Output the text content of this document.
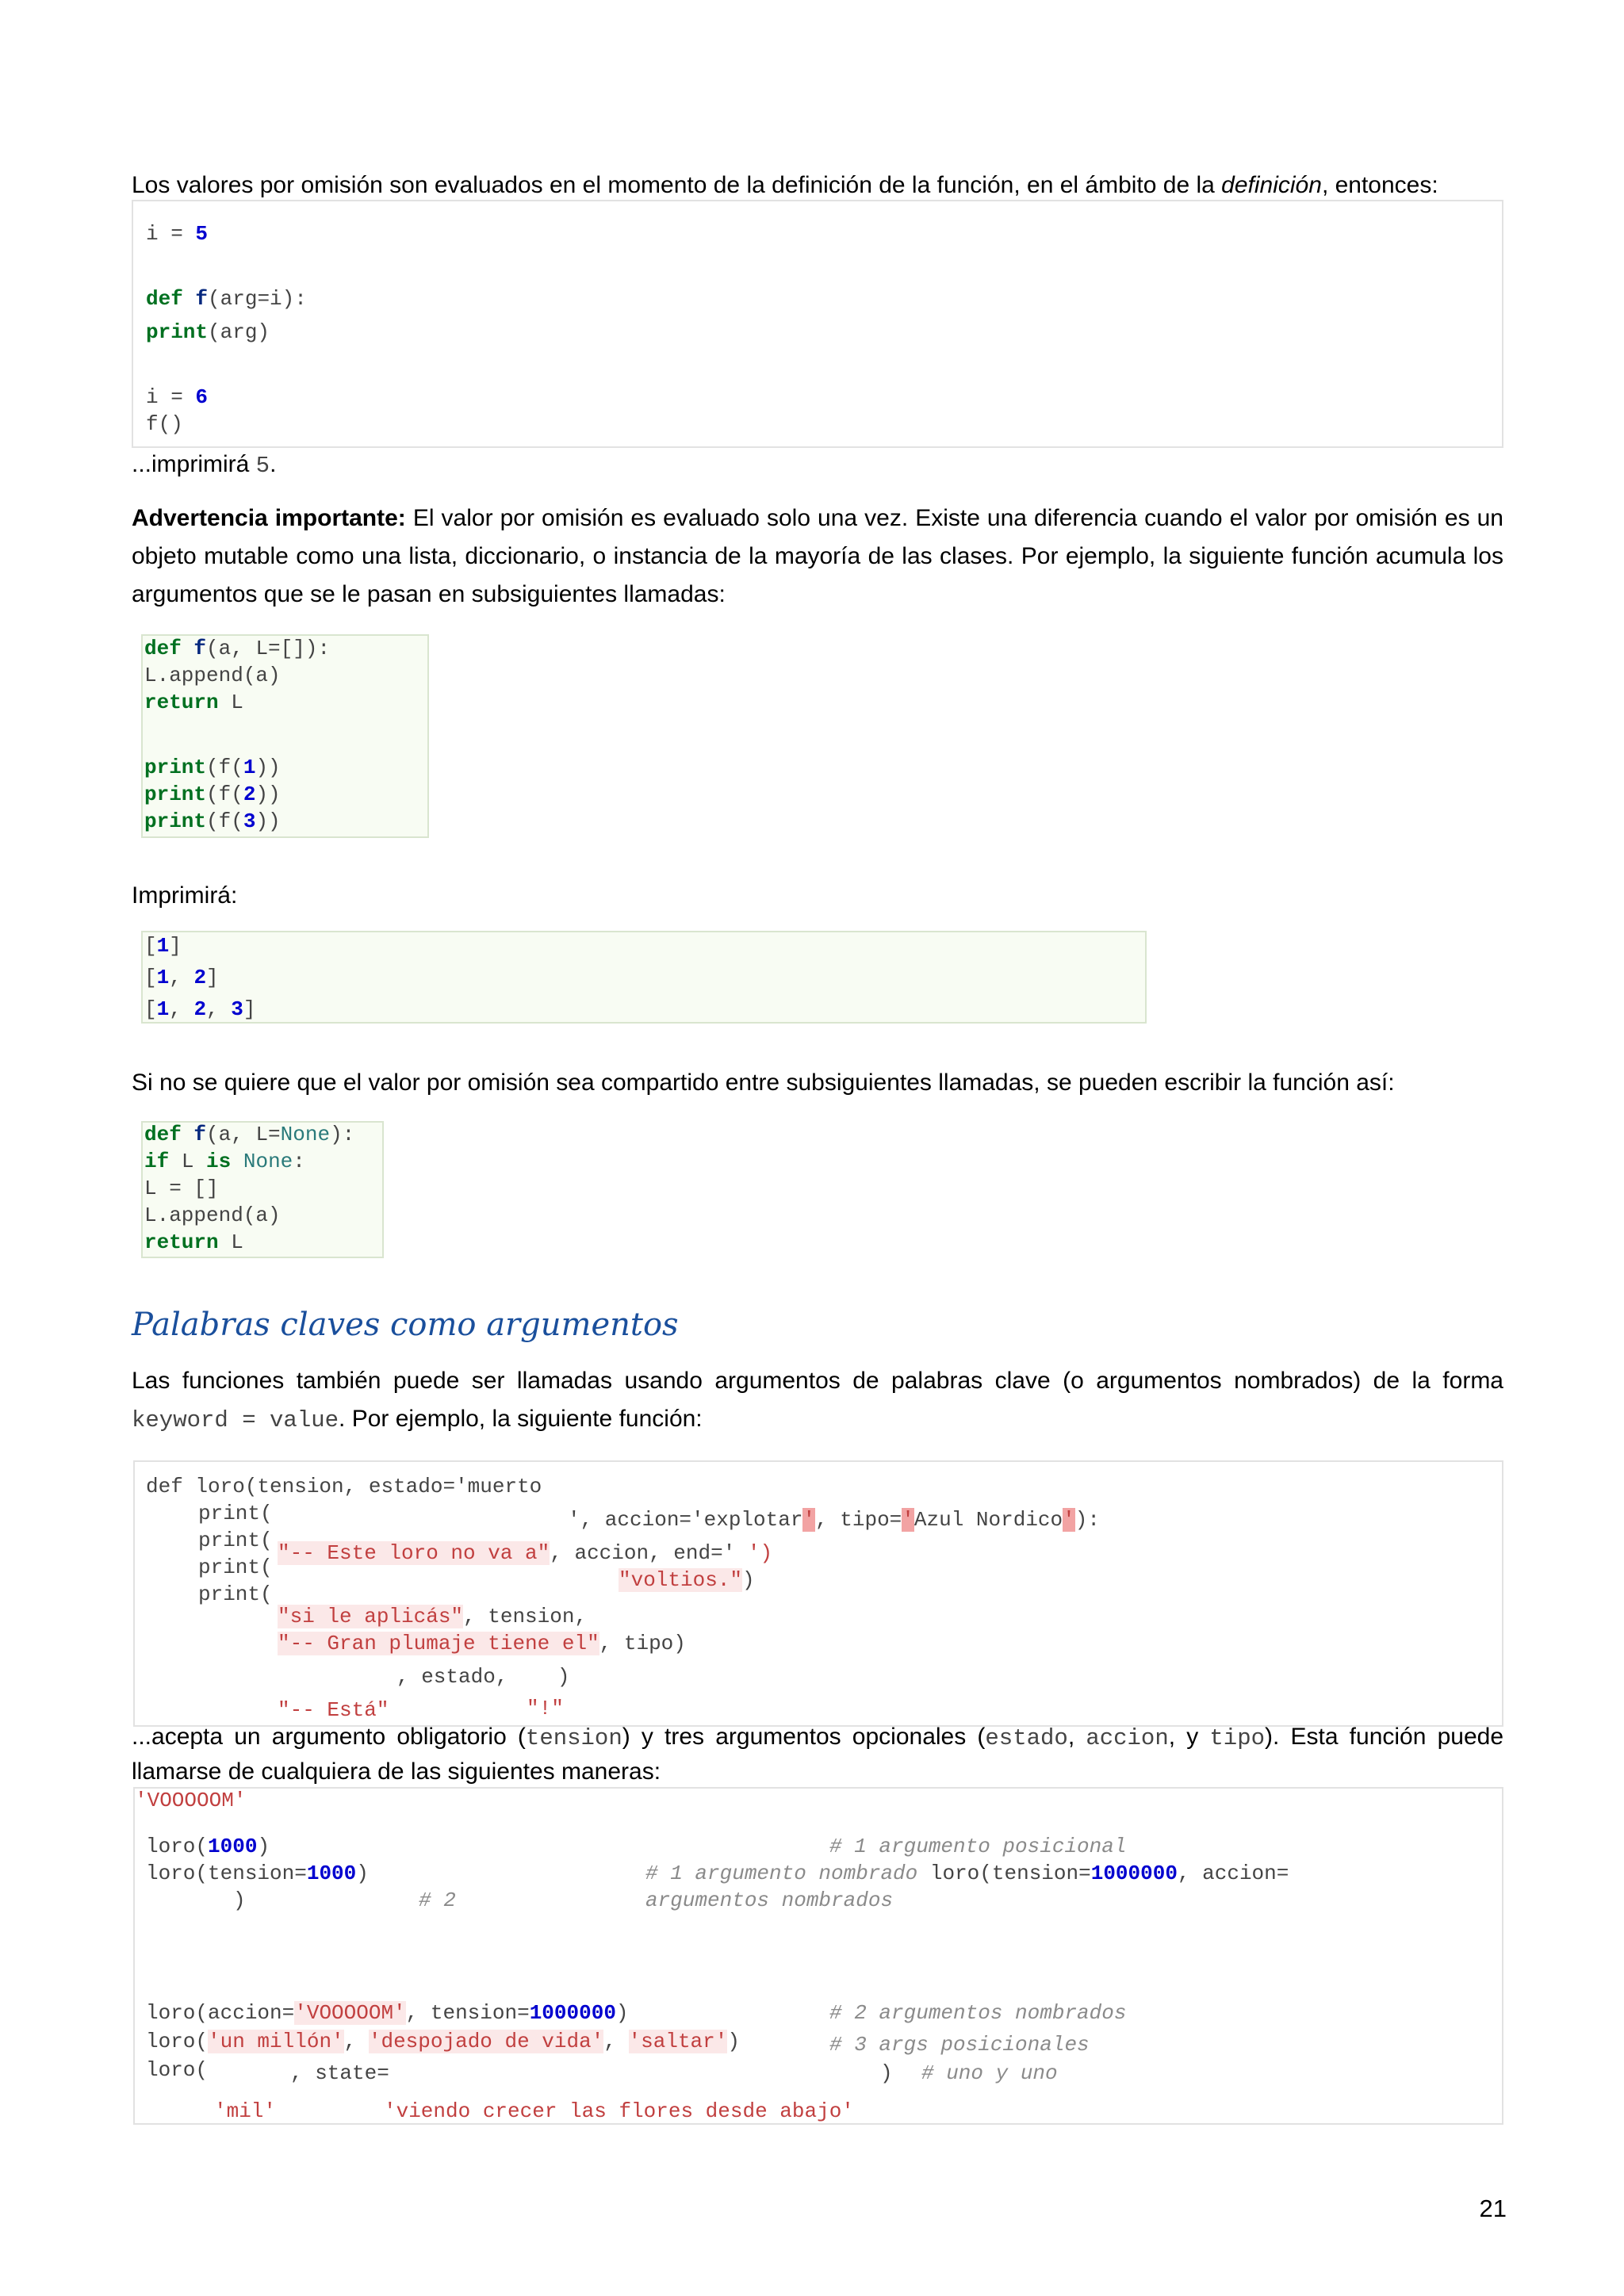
Los valores por omisión son evaluados en el momento de la definición de la función, en el ámbito de la definición, entonces:
i = 5
def f(arg=i):
print(arg)
i = 6
f()
...imprimirá 5.
Advertencia importante: El valor por omisión es evaluado solo una vez. Existe una diferencia cuando el valor por omisión es un objeto mutable como una lista, diccionario, o instancia de la mayoría de las clases. Por ejemplo, la siguiente función acumula los argumentos que se le pasan en subsiguientes llamadas:
def f(a, L=[]):
L.append(a)
return L
print(f(1))
print(f(2))
print(f(3))
Imprimirá:
[1]
[1, 2]
[1, 2, 3]
Si no se quiere que el valor por omisión sea compartido entre subsiguientes llamadas, se pueden escribir la función así:
def f(a, L=None):
if L is None:
L = []
L.append(a)
return L
Palabras claves como argumentos
Las funciones también puede ser llamadas usando argumentos de palabras clave (o argumentos nombrados) de la forma keyword = value. Por ejemplo, la siguiente función:
def loro(tension, estado='muerto
print(	', accion='explotar', tipo='Azul Nordico'):
print(
"-- Este loro no va a", accion, end=' ')
print(
"voltios.")
print(
"si le aplicás", tension,
"-- Gran plumaje tiene el", tipo)
, estado,    )
"-- Está"	"!"
...acepta un argumento obligatorio (tension) y tres argumentos opcionales (estado, accion, y tipo). Esta función puede llamarse de cualquiera de las siguientes maneras:
'VOOOOOM'
loro(1000)	# 1 argumento posicional
loro(tension=1000)	# 1 argumento nombrado loro(tension=1000000, accion=
)	# 2	argumentos nombrados
loro(accion='VOOOOOM', tension=1000000)	# 2 argumentos nombrados
loro('un millón', 'despojado de vida', 'saltar')	# 3 args posicionales
loro(	, state=	) # uno y uno
'mil'	'viendo crecer las flores desde abajo'
21
